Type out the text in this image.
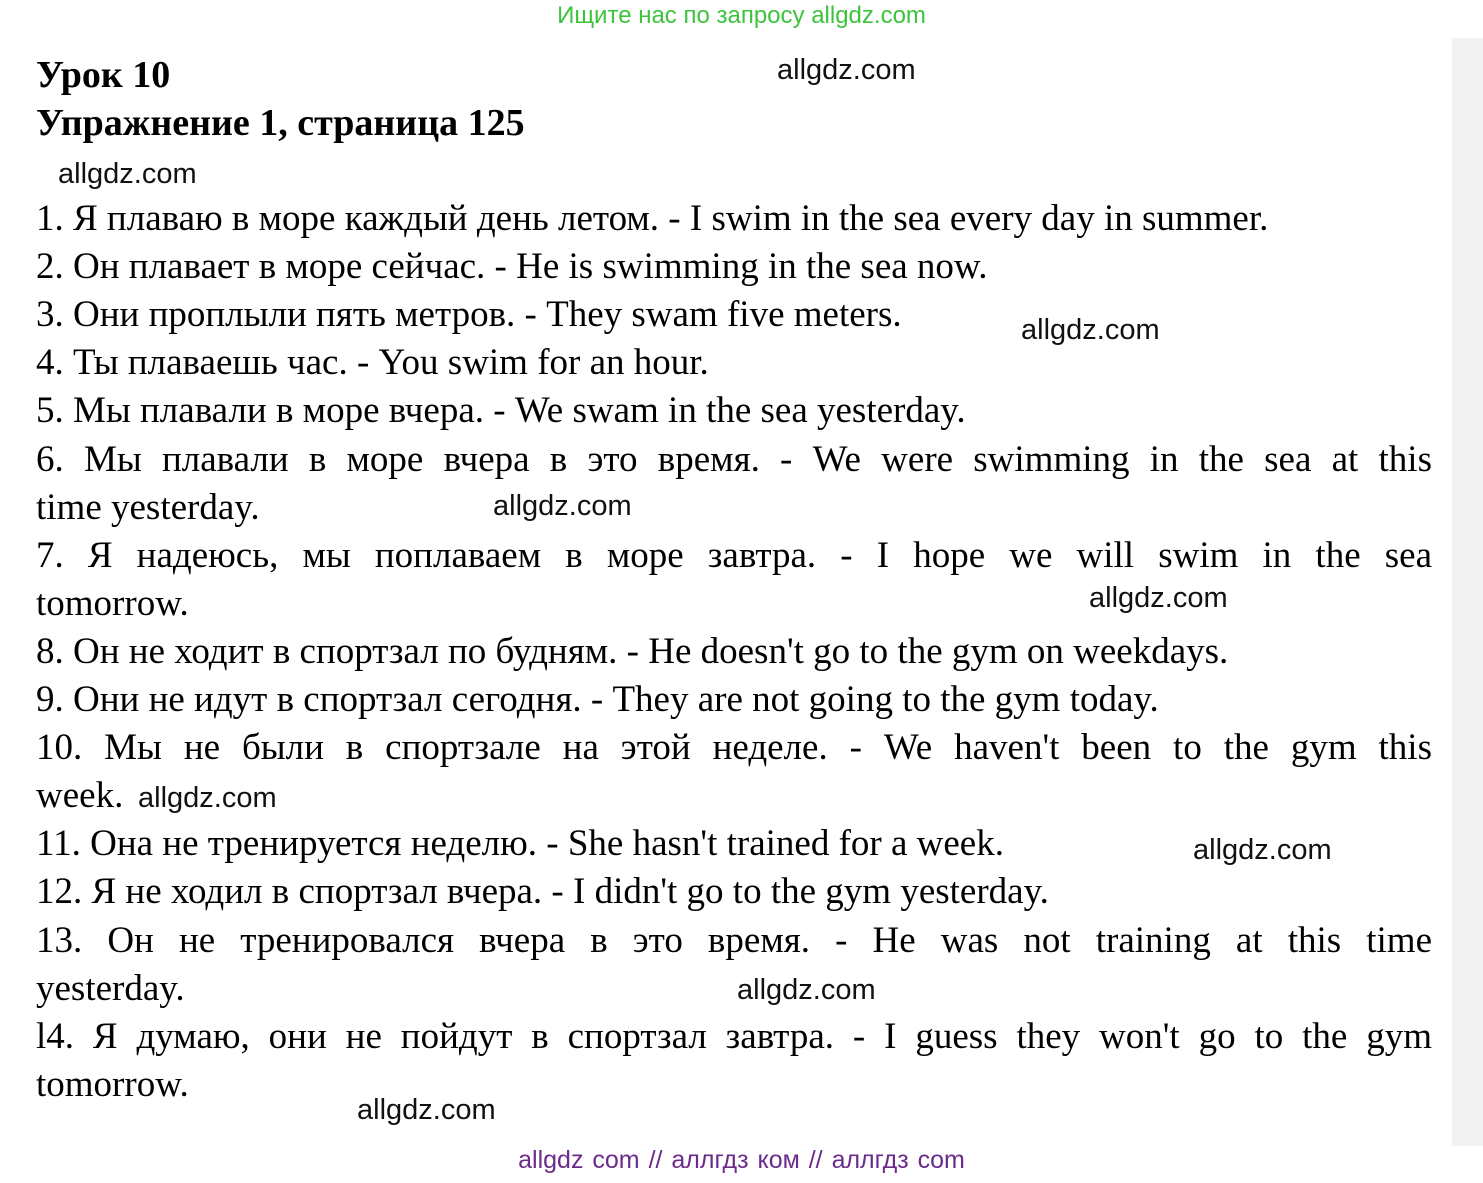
Ищите нас по запросу allgdz.com
Урок 10
Упражнение 1, страница 125
allgdz.com
allgdz.com
1. Я плаваю в море каждый день летом. - I swim in the sea every day in summer.
2. Он плавает в море сейчас. - He is swimming in the sea now.
3. Они проплыли пять метров. - They swam five meters.	allgdz.com
4. Ты плаваешь час. - You swim for an hour.
5. Мы плавали в море вчера. - We swam in the sea yesterday.
6. Мы плавали в море вчера в это время. - We were swimming in the sea at this
time yesterday.	allgdz.com
7. Я надеюсь, мы поплаваем в море завтра. - I hope we will swim in the sea
tomorrow.	allgdz.com
8. Он не ходит в спортзал по будням. - He doesn't go to the gym on weekdays.
9. Они не идут в спортзал сегодня. - They are not going to the gym today.
10. Мы не были в спортзале на этой неделе. - We haven't been to the gym this
week. allgdz.com
11. Она не тренируется неделю. - She hasn't trained for a week.	allgdz.com
12. Я не ходил в спортзал вчера. - I didn't go to the gym yesterday.
13. Он не тренировался вчера в это время. - He was not training at this time
yesterday.	allgdz.com
l4. Я думаю, они не пойдут в спортзал завтра. - I guess they won't go to the gym
tomorrow.
allgdz.com
allgdz com // аллгдз ком // аллгдз com
